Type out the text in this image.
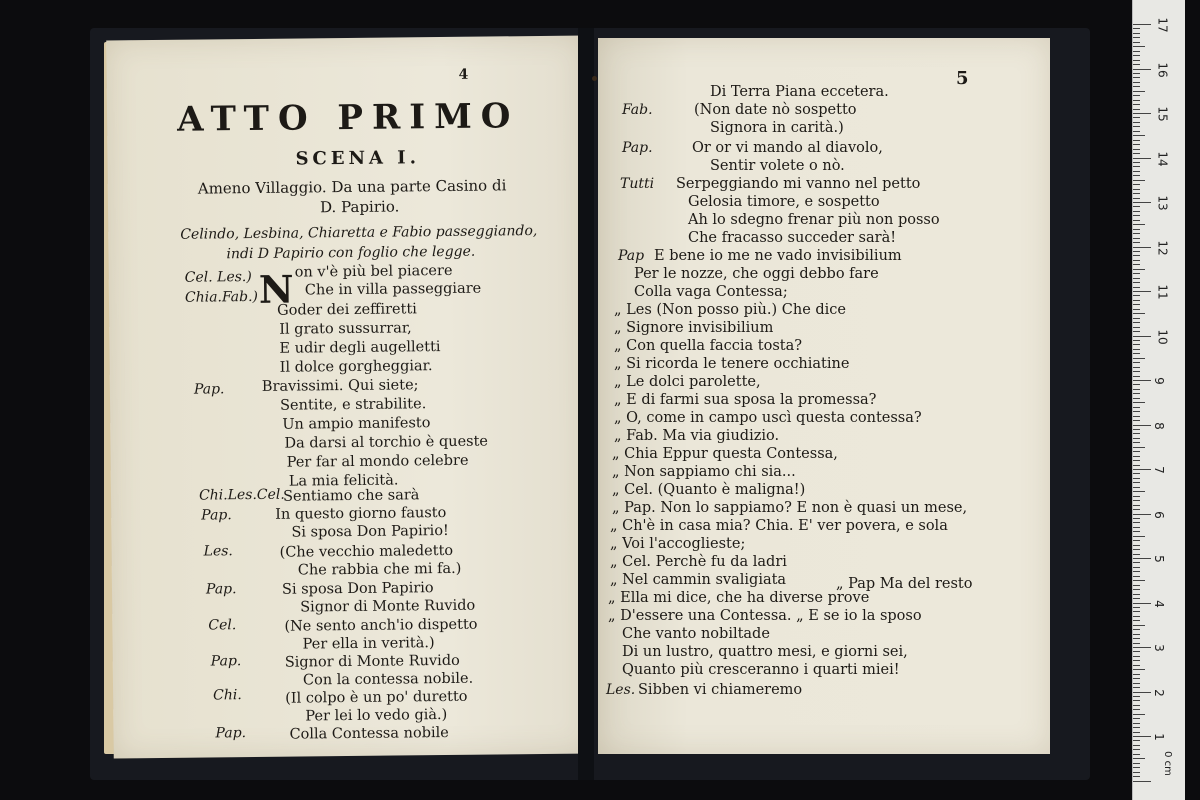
4
ATTO PRIMO
SCENA I.
Ameno Villaggio. Da una parte Casino di
D. Papirio.
Celindo, Lesbina, Chiaretta e Fabio passeggiando,
indi D Papirio con foglio che legge.
Cel. Les.)
Chia.Fab.)
Pap.
Chi.Les.Cel.
Pap.
Les.
Pap.
Cel.
Pap.
Chi.
Pap.
N on v'è più bel piacere
Che in villa passeggiare
Goder dei zeffiretti
Il grato sussurrar,
E udir degli augelletti
Il dolce gorgheggiar.
Bravissimi. Qui siete;
Sentite, e strabilite.
Un ampio manifesto
Da darsi al torchio è queste
Per far al mondo celebre
La mia felicità.
Sentiamo che sarà
In questo giorno fausto
Si sposa Don Papirio!
(Che vecchio maledetto
Che rabbia che mi fa.)
Si sposa Don Papirio
Signor di Monte Ruvido
(Ne sento anch'io dispetto
Per ella in verità.)
Signor di Monte Ruvido
Con la contessa nobile.
(Il colpo è un po' duretto
Per lei lo vedo già.)
Colla Contessa nobile
5
Fab.
Pap.
Tutti
Pap
Les.
Di Terra Piana eccetera.
(Non date nò sospetto
Signora in carità.)
Or or vi mando al diavolo,
Sentir volete o nò.
Serpeggiando mi vanno nel petto
Gelosia timore, e sospetto
Ah lo sdegno frenar più non posso
Che fracasso succeder sarà!
E bene io me ne vado invisibilium
Per le nozze, che oggi debbo fare
Colla vaga Contessa;
„ Les (Non posso più.) Che dice
„ Signore invisibilium
„ Con quella faccia tosta?
„ Si ricorda le tenere occhiatine
„ Le dolci parolette,
„ E di farmi sua sposa la promessa?
„ O, come in campo uscì questa contessa?
„ Fab. Ma via giudizio.
„ Chia Eppur questa Contessa,
„ Non sappiamo chi sia...
„ Cel. (Quanto è maligna!)
„ Pap. Non lo sappiamo? E non è quasi un mese,
„ Ch'è in casa mia? Chia. E' ver povera, e sola
„ Voi l'accoglieste;
„ Cel. Perchè fu da ladri
„ Nel cammin svaligiata	„ Pap Ma del resto
„ Ella mi dice, che ha diverse prove
„ D'essere una Contessa. „ E se io la sposo
Che vanto nobiltade
Di un lustro, quattro mesi, e giorni sei,
Quanto più cresceranno i quarti miei!
Sibben vi chiameremo
17
16
15
14
13
12
11
10
9
8
7
6
5
4
3
2
1
0 cm
